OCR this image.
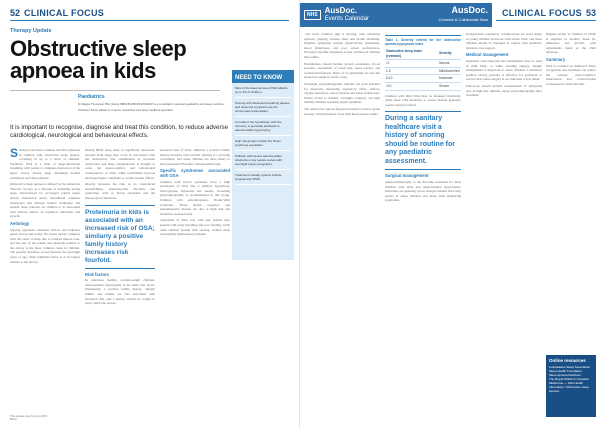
52 CLINICAL FOCUS
Therapy Update
Obstructive sleep apnoea in kids
Paediatrics
Dr Megan Thompson BSc (Hons) MBChB MRCPCH FRACP is a consultant in general paediatrics and sleep medicine.
Professor Karen Waters is a senior researcher and sleep medicine specialist.
It is important to recognise, diagnose and treat this condition, to reduce adverse cardiological, neurological and behavioural effects.

Snoring is the most common and first symptom in children with obstructive sleep apnoea, occurring in up to a third of children. Paediatric OSA is a form of sleep-disordered breathing, with partial or complete obstruction of the upper airway during sleep disrupting normal ventilation and sleep patterns.

Obstructive sleep apnoea is defined by the American Thoracic Society as a disorder of breathing during sleep characterised by prolonged partial upper airway obstruction and/or intermittent complete obstruction that disrupts normal ventilation and normal sleep patterns. In children it is associated with adverse effects on cognition, behaviour and growth.

Aetiology

Snoring represents turbulent airflow and indicates upper airway narrowing. The upper airway collapses with the onset of sleep due to reduced muscle tone, and the size of the tonsils and adenoids relative to the airway is the most common cause in children. The greatest incidence occurs between two and eight years of age, when lymphoid tissue is at its largest relative to the airway.

During REM sleep there is significant hypotonia. Arousal from sleep may occur in association with the obstruction. The combination of recurrent obstruction and sleep fragmentation is thought to cause the neurocognitive and behavioural consequences of OSA, while intermittent hypoxia and hypercapnia contribute to cardiovascular effects.

Obesity increases the risk, as do craniofacial abnormalities, neuromuscular disorders and syndromes such as Down syndrome and the mucopolysaccharidoses.

Proteinuria in kids is associated with an increased risk of OSA; similarly a positive family history increases risk fourfold.
Risk factors

In otherwise healthy, normal-weight children, adenotonsillar hypertrophy is the main risk factor. Prematurity, a positive family history, allergic rhinitis and asthma are also associated with increased risk, and a history should be sought in every child who snores.

Increased risk of OSA, similarly a positive family history increases risk fourfold. Obesity is a growing contributor, and obese children are more likely to have persistent OSA after adenotonsillectomy.

Specific syndromes associated with OSA

Children with Down syndrome have a high prevalence of OSA due to midface hypoplasia, macroglossia, hypotonia and obesity. Screening polysomnography is recommended in this group. Children with achondroplasia, Prader-Willi syndrome, Pierre Robin sequence and neuromuscular disease are also at high risk and should be assessed early.

Symptoms of OSA vary with age. Infants may present with noisy breathing and poor feeding, while older children present with snoring, restless sleep and daytime behavioural problems.

NEED TO KNOW
Most of the sleep apnoea (OSA) affects up to 1% of children.
Snoring with witnessed breathing pauses and observed symptoms are the commonest presentation.
A model of the hypothesis, with the oximetry, is generally attributed to adenotonsillar hypertrophy.
High risk groups include the Down syndrome population.
Children with severe adenotonsillar obstruction may require review with overnight polysomnography.
Treatment modality options include surgical and CPAP.
This update also forms a CPD MCQ.
NHS AusDoc.
Events Calendar
AusDoc.
Connect & Collaborate Now
CLINICAL FOCUS 53

...the most common sign is snoring, with witnessed apnoeas, gasping, restless sleep and mouth breathing. Daytime symptoms include hyperactivity, inattention, mood disturbance and poor school performance. Excessive daytime sleepiness is less common in children than adults.

Examination should include growth parameters, blood pressure, assessment of tonsil size, nasal patency and craniofacial features. Signs of cor pulmonale are rare but should be sought in severe cases.

Overnight polysomnography remains the gold standard for diagnosis, measuring respiratory effort, airflow, oxygen saturation, carbon dioxide and sleep architecture. Where access is limited, overnight oximetry can help identify children requiring urgent treatment.

The obstructive apnoea-hypopnoea index is used to grade severity, with thresholds lower than those used in adults.

Table 1. Severity criteria for the obstructive apnoea-hypopnoea index
Obstructive sleep index (events/h)	Severity
<1	Normal
1-5	Mild/borderline
5-10	Moderate
>10	Severe

Children with mild OSA may be managed medically, while those with moderate to severe disease generally require surgical referral.

During a sanitary healthcare visit a history of snoring should be routine for any paediatric assessment.
Surgical management

Adenotonsillectomy is the first-line treatment for most children with OSA and adenotonsillar hypertrophy. Outcomes are generally good, though residual OSA may persist in obese children and those with underlying syndromes.

Postoperative respiratory complications are more likely in young children and those with severe OSA, and these children should be managed in centres with paediatric intensive care support.

Medical management

Intranasal corticosteroids and montelukast may be used in mild OSA, or while awaiting surgery. Weight management is important in obese children. Continuous positive airway pressure is effective for persistent or severe OSA where surgery is not indicated or has failed.

Follow-up should include reassessment of symptoms and, in high-risk children, repeat polysomnography after treatment.

Regular review of children on CPAP is required to monitor mask fit, adherence and growth, with adjustments made as the child develops.

Summary

OSA is common in childhood. Early recognition and treatment can reduce the adverse neurocognitive, behavioural and cardiovascular consequences of the disorder.

Online resources
Australasian Sleep Association
Sleep Health Foundation
Sleep apnoea factsheet
The Royal Children's Hospital
Melbourne — Kids Health Information: Obstructive sleep apnoea
